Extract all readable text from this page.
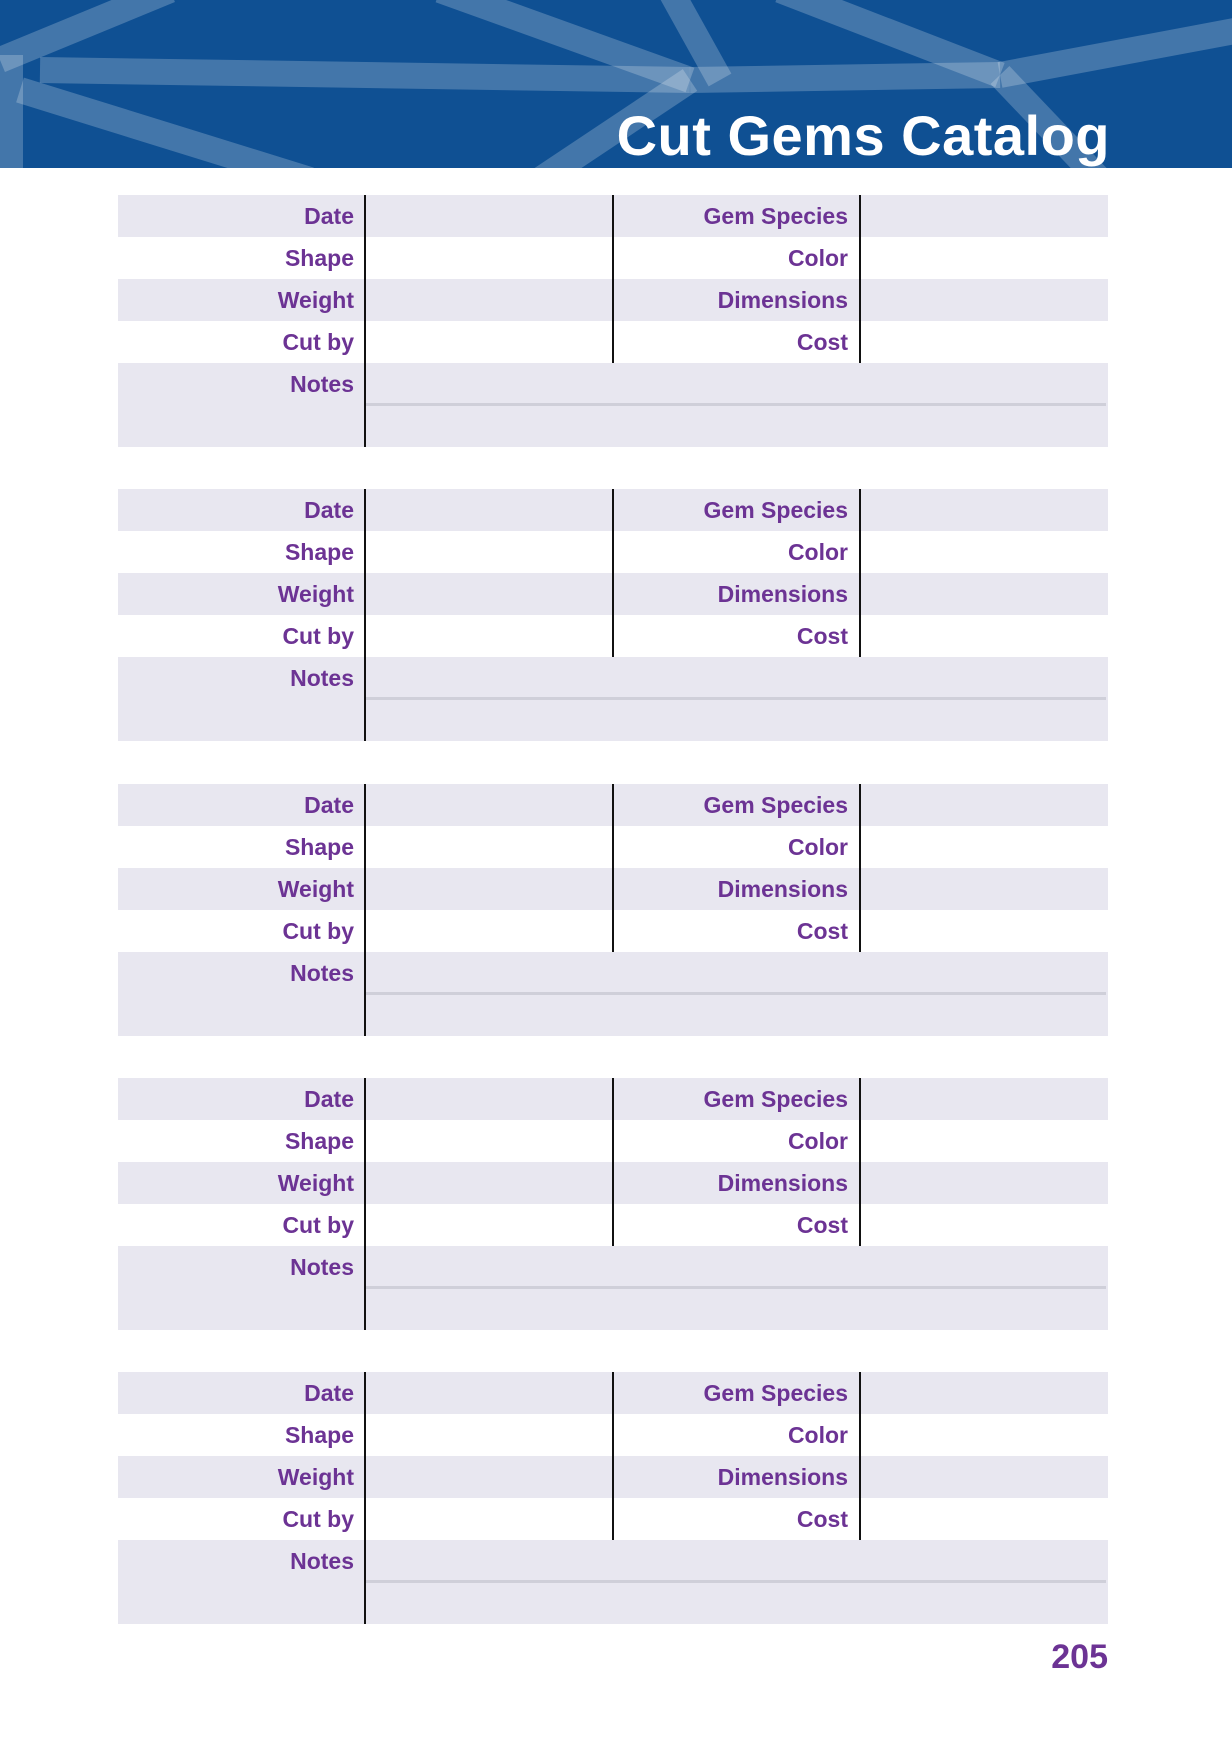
Cut Gems Catalog
Date	Gem Species
Shape	Color
Weight	Dimensions
Cut by	Cost
Notes
Date	Gem Species
Shape	Color
Weight	Dimensions
Cut by	Cost
Notes
Date	Gem Species
Shape	Color
Weight	Dimensions
Cut by	Cost
Notes
Date	Gem Species
Shape	Color
Weight	Dimensions
Cut by	Cost
Notes
Date	Gem Species
Shape	Color
Weight	Dimensions
Cut by	Cost
Notes
205
